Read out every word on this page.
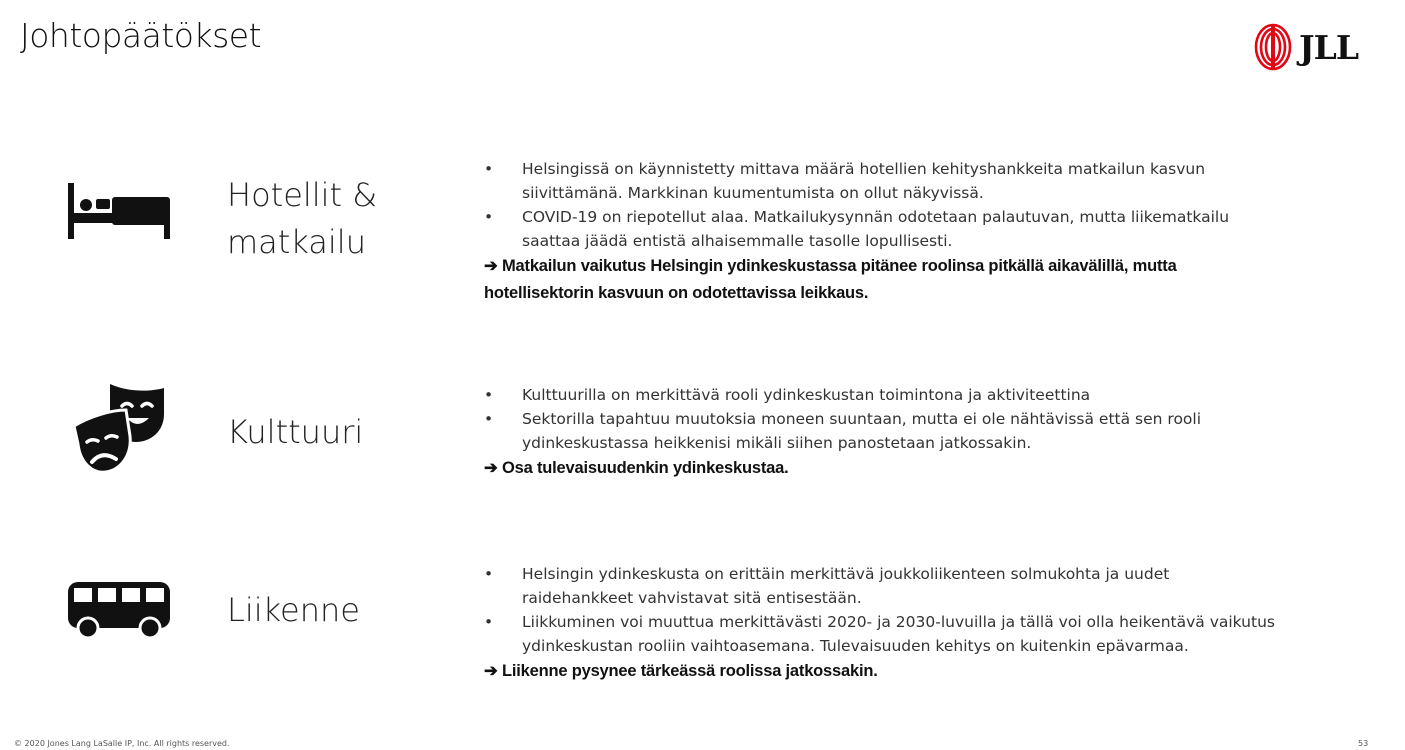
Johtopäätökset	JLL
Hotellit &
matkailu
•	Helsingissä on käynnistetty mittava määrä hotellien kehityshankkeita matkailun kasvun
siivittämänä. Markkinan kuumentumista on ollut näkyvissä.
•	COVID-19 on riepotellut alaa. Matkailukysynnän odotetaan palautuvan, mutta liikematkailu
saattaa jäädä entistä alhaisemmalle tasolle lopullisesti.
➔ Matkailun vaikutus Helsingin ydinkeskustassa pitänee roolinsa pitkällä aikavälillä, mutta
hotellisektorin kasvuun on odotettavissa leikkaus.
Kulttuuri
•	Kulttuurilla on merkittävä rooli ydinkeskustan toimintona ja aktiviteettina
•	Sektorilla tapahtuu muutoksia moneen suuntaan, mutta ei ole nähtävissä että sen rooli
ydinkeskustassa heikkenisi mikäli siihen panostetaan jatkossakin.
➔ Osa tulevaisuudenkin ydinkeskustaa.
Liikenne
•	Helsingin ydinkeskusta on erittäin merkittävä joukkoliikenteen solmukohta ja uudet
raidehankkeet vahvistavat sitä entisestään.
•	Liikkuminen voi muuttua merkittävästi 2020- ja 2030-luvuilla ja tällä voi olla heikentävä vaikutus
ydinkeskustan rooliin vaihtoasemana. Tulevaisuuden kehitys on kuitenkin epävarmaa.
➔ Liikenne pysynee tärkeässä roolissa jatkossakin.
© 2020 Jones Lang LaSalle IP, Inc. All rights reserved.	53
